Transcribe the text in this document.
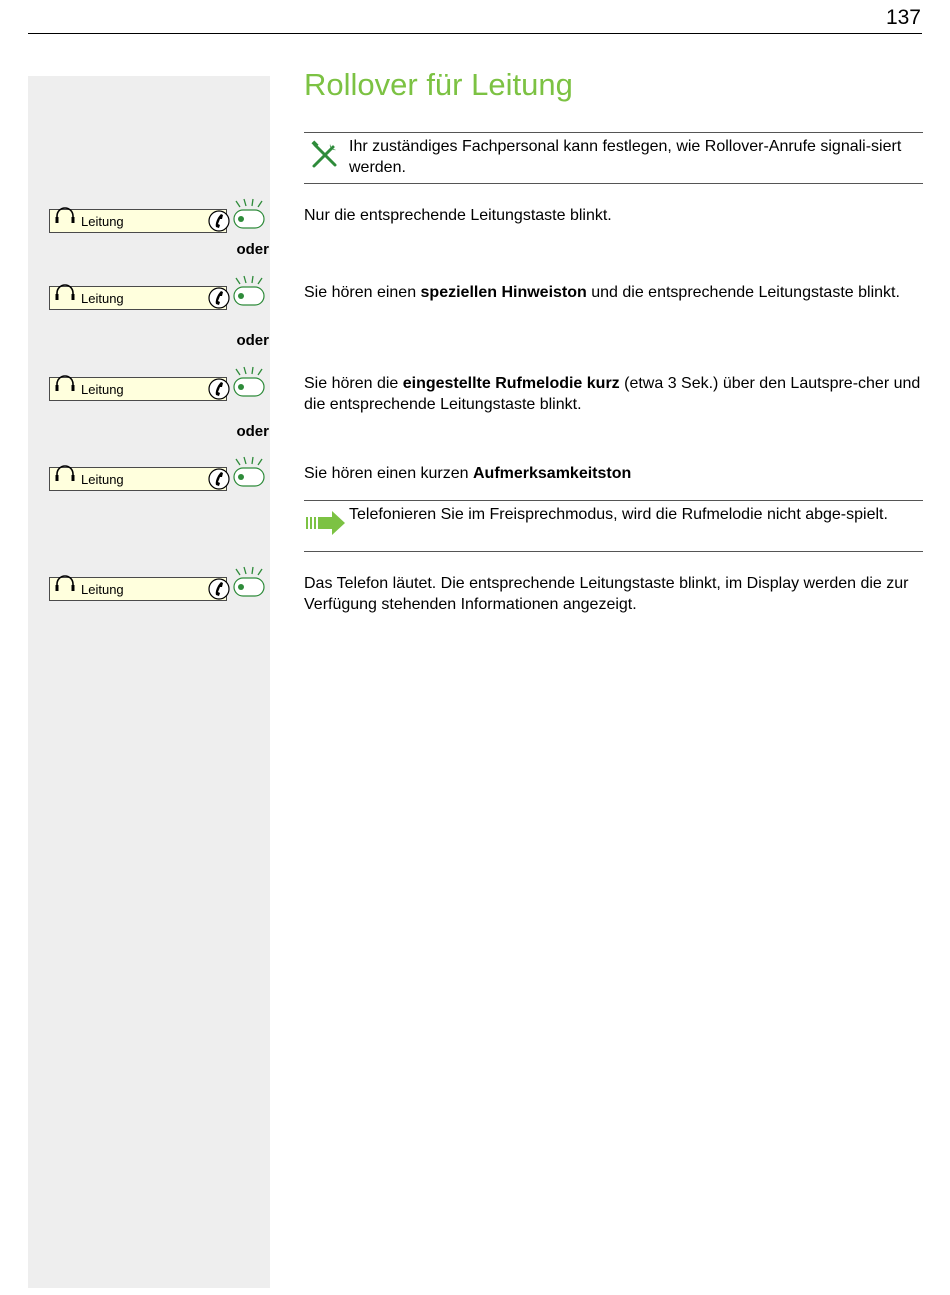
137
Rollover für Leitung
Ihr zuständiges Fachpersonal kann festlegen, wie Rollover-Anrufe signali-siert werden.

Nur die entsprechende Leitungstaste blinkt.

Sie hören einen speziellen Hinweiston und die entsprechende Leitungstaste blinkt.

Sie hören die eingestellte Rufmelodie kurz (etwa 3 Sek.) über den Lautspre-cher und die entsprechende Leitungstaste blinkt.

Sie hören einen kurzen Aufmerksamkeitston

Telefonieren Sie im Freisprechmodus, wird die Rufmelodie nicht abge-spielt.

Das Telefon läutet. Die entsprechende Leitungstaste blinkt, im Display werden die zur Verfügung stehenden Informationen angezeigt.

Leitung
oder
Leitung
oder
Leitung
oder
Leitung
Leitung
